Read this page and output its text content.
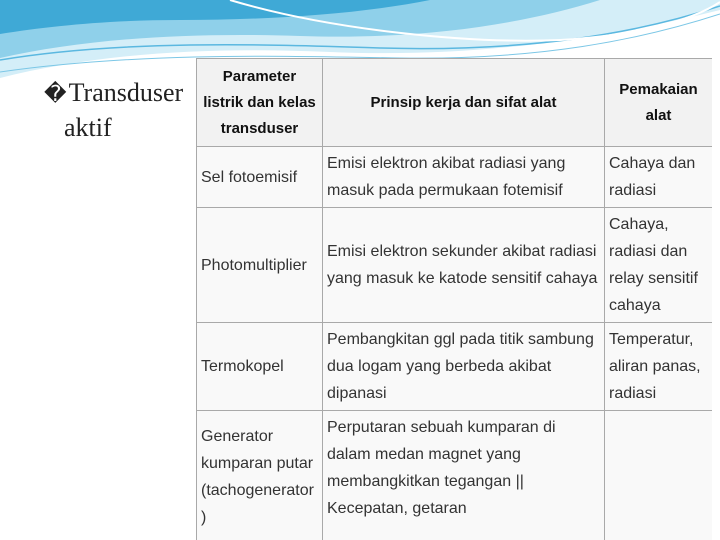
�Transduser
aktif
Parameter listrik dan kelas transduser	Prinsip kerja dan sifat alat	Pemakaian alat
Sel fotoemisif	Emisi elektron akibat radiasi yang masuk pada permukaan fotemisif	Cahaya dan radiasi
Photomultiplier	Emisi elektron sekunder akibat radiasi yang masuk ke katode sensitif cahaya	Cahaya, radiasi dan relay sensitif cahaya
Termokopel	Pembangkitan ggl pada titik sambung dua logam yang berbeda akibat dipanasi	Temperatur, aliran panas, radiasi
Generator kumparan putar (tachogenerator)	Perputaran sebuah kumparan di dalam medan magnet yang membangkitkan tegangan || Kecepatan, getaran	
